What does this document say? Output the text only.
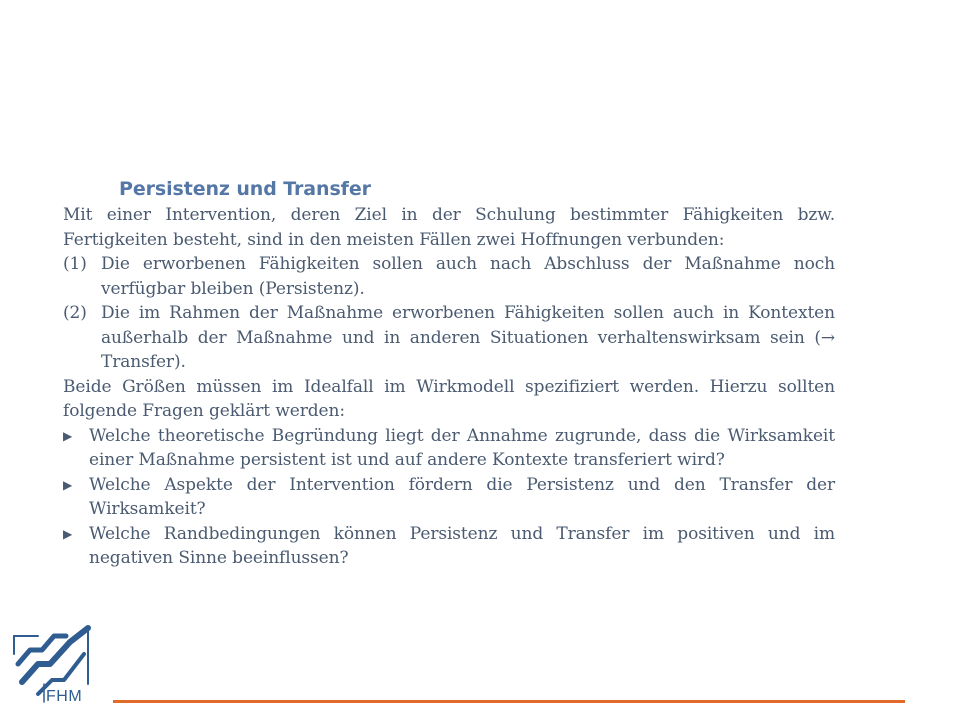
Persistenz und Transfer
Mit einer Intervention, deren Ziel in der Schulung bestimmter Fähigkeiten bzw. Fertigkeiten besteht, sind in den meisten Fällen zwei Hoffnungen verbunden:
(1) Die erworbenen Fähigkeiten sollen auch nach Abschluss der Maßnahme noch verfügbar bleiben (Persistenz).
(2) Die im Rahmen der Maßnahme erworbenen Fähigkeiten sollen auch in Kontexten außerhalb der Maßnahme und in anderen Situationen verhaltenswirksam sein (→ Transfer).
Beide Größen müssen im Idealfall im Wirkmodell spezifiziert werden. Hierzu sollten folgende Fragen geklärt werden:
▶ Welche theoretische Begründung liegt der Annahme zugrunde, dass die Wirksamkeit einer Maßnahme persistent ist und auf andere Kontexte transferiert wird?
▶ Welche Aspekte der Intervention fördern die Persistenz und den Transfer der Wirksamkeit?
▶ Welche Randbedingungen können Persistenz und Transfer im positiven und im negativen Sinne beeinflussen?
FHM
